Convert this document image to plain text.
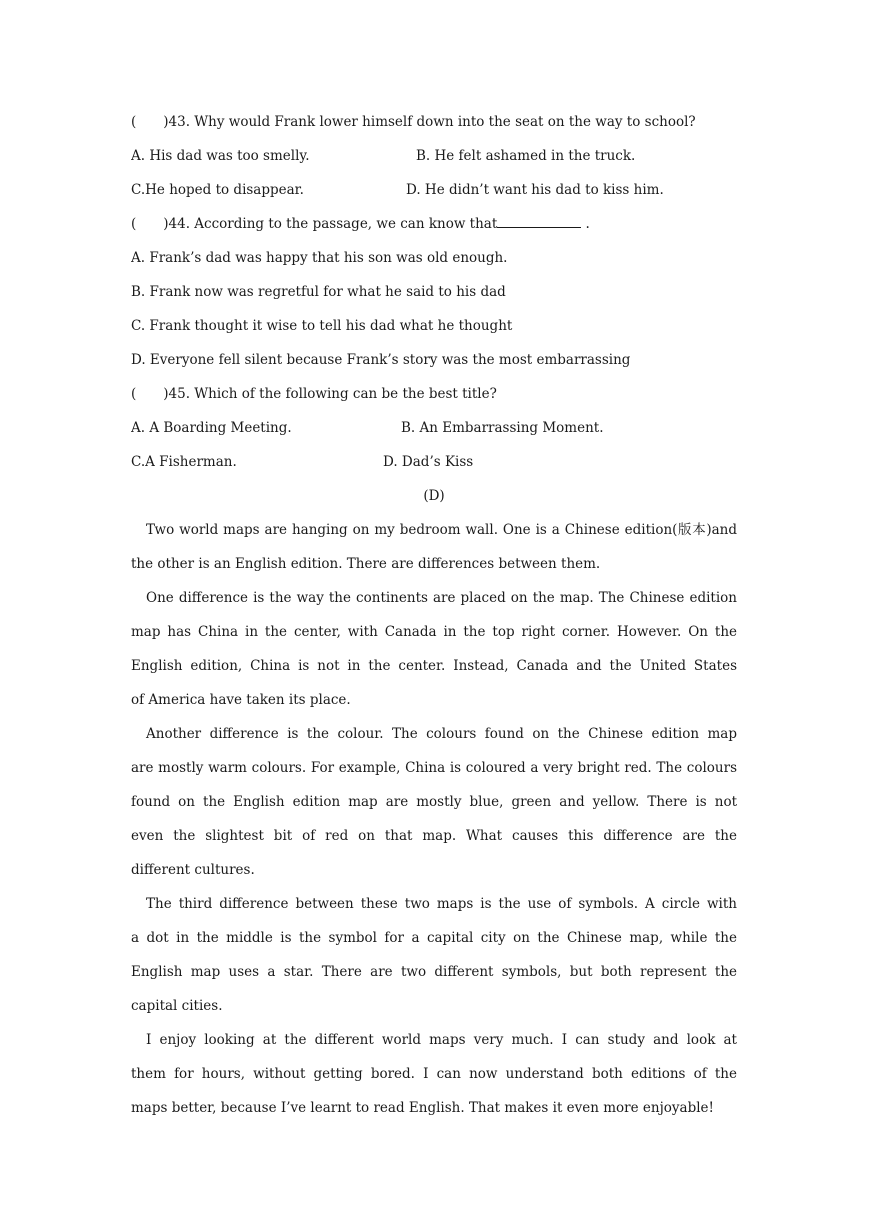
(　　)43. Why would Frank lower himself down into the seat on the way to school?
A. His dad was too smelly.	B. He felt ashamed in the truck.
C.He hoped to disappear.	D. He didn’t want his dad to kiss him.
(　　)44. According to the passage, we can know that	.
A. Frank’s dad was happy that his son was old enough.
B. Frank now was regretful for what he said to his dad
C. Frank thought it wise to tell his dad what he thought
D. Everyone fell silent because Frank’s story was the most embarrassing
(　　)45. Which of the following can be the best title?
A. A Boarding Meeting.	B. An Embarrassing Moment.
C.A Fisherman.	D. Dad’s Kiss
(D)
Two world maps are hanging on my bedroom wall. One is a Chinese edition(版本)and
the other is an English edition. There are differences between them.
One difference is the way the continents are placed on the map. The Chinese edition
map has China in the center, with Canada in the top right corner. However. On the
English edition, China is not in the center. Instead, Canada and the United States
of America have taken its place.
Another difference is the colour. The colours found on the Chinese edition map
are mostly warm colours. For example, China is coloured a very bright red. The colours
found on the English edition map are mostly blue, green and yellow. There is not
even the slightest bit of red on that map. What causes this difference are the
different cultures.
The third difference between these two maps is the use of symbols. A circle with
a dot in the middle is the symbol for a capital city on the Chinese map, while the
English map uses a star. There are two different symbols, but both represent the
capital cities.
I enjoy looking at the different world maps very much. I can study and look at
them for hours, without getting bored. I can now understand both editions of the
maps better, because I’ve learnt to read English. That makes it even more enjoyable!
